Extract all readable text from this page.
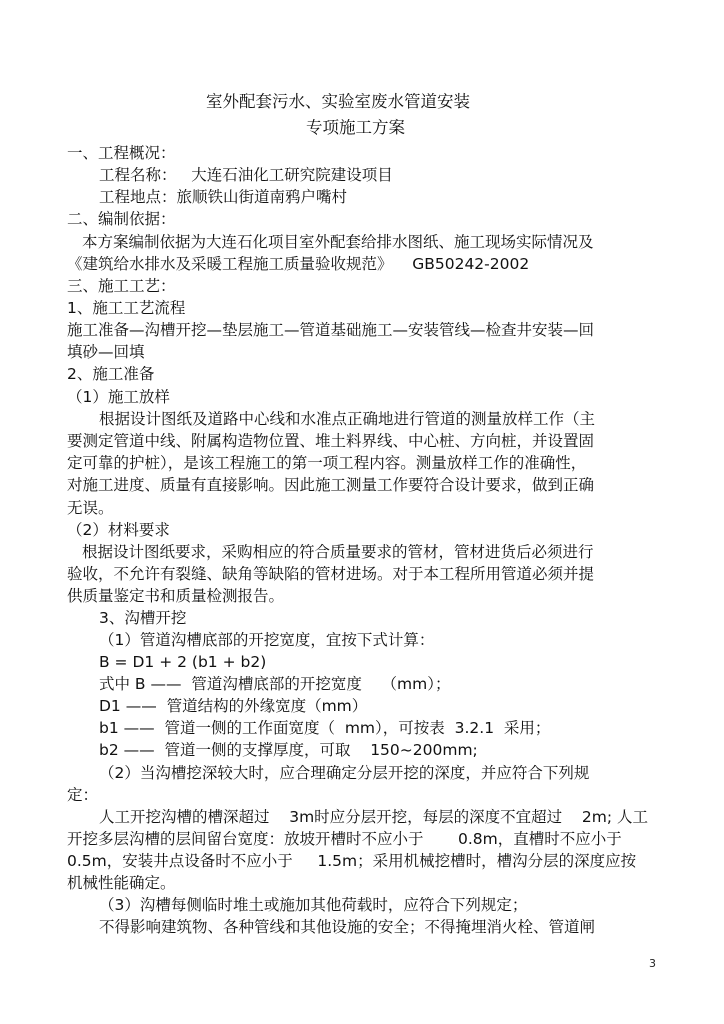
室外配套污水、实验室废水管道安装
专项施工方案
一、工程概况：
工程名称：   大连石油化工研究院建设项目
工程地点：旅顺铁山街道南鸦户嘴村
二、编制依据：
本方案编制依据为大连石化项目室外配套给排水图纸、施工现场实际情况及
《建筑给水排水及采暖工程施工质量验收规范》    GB50242-2002
三、施工工艺：
1、施工工艺流程
施工准备—沟槽开挖—垫层施工—管道基础施工—安装管线—检查井安装—回
填砂—回填
2、施工准备
（1）施工放样
根据设计图纸及道路中心线和水准点正确地进行管道的测量放样工作（主
要测定管道中线、附属构造物位置、堆土料界线、中心桩、方向桩，并设置固
定可靠的护桩），是该工程施工的第一项工程内容。测量放样工作的准确性，
对施工进度、质量有直接影响。因此施工测量工作要符合设计要求，做到正确
无误。
（2）材料要求
根据设计图纸要求，采购相应的符合质量要求的管材，管材进货后必须进行
验收，不允许有裂缝、缺角等缺陷的管材进场。对于本工程所用管道必须并提
供质量鉴定书和质量检测报告。
3、沟槽开挖
（1）管道沟槽底部的开挖宽度，宜按下式计算：
B = D1 + 2 (b1 + b2)
式中 B ——  管道沟槽底部的开挖宽度    （mm）；
D1 ——  管道结构的外缘宽度（mm）
b1 ——  管道一侧的工作面宽度（  mm），可按表  3.2.1  采用；
b2 ——  管道一侧的支撑厚度，可取    150~200mm;
（2）当沟槽挖深较大时，应合理确定分层开挖的深度，并应符合下列规
定：
人工开挖沟槽的槽深超过    3m时应分层开挖，每层的深度不宜超过    2m; 人工
开挖多层沟槽的层间留台宽度：放坡开槽时不应小于       0.8m，直槽时不应小于
0.5m，安装井点设备时不应小于     1.5m；采用机械挖槽时，槽沟分层的深度应按
机械性能确定。
（3）沟槽每侧临时堆土或施加其他荷载时，应符合下列规定；
不得影响建筑物、各种管线和其他设施的安全；不得掩埋消火栓、管道闸
3
